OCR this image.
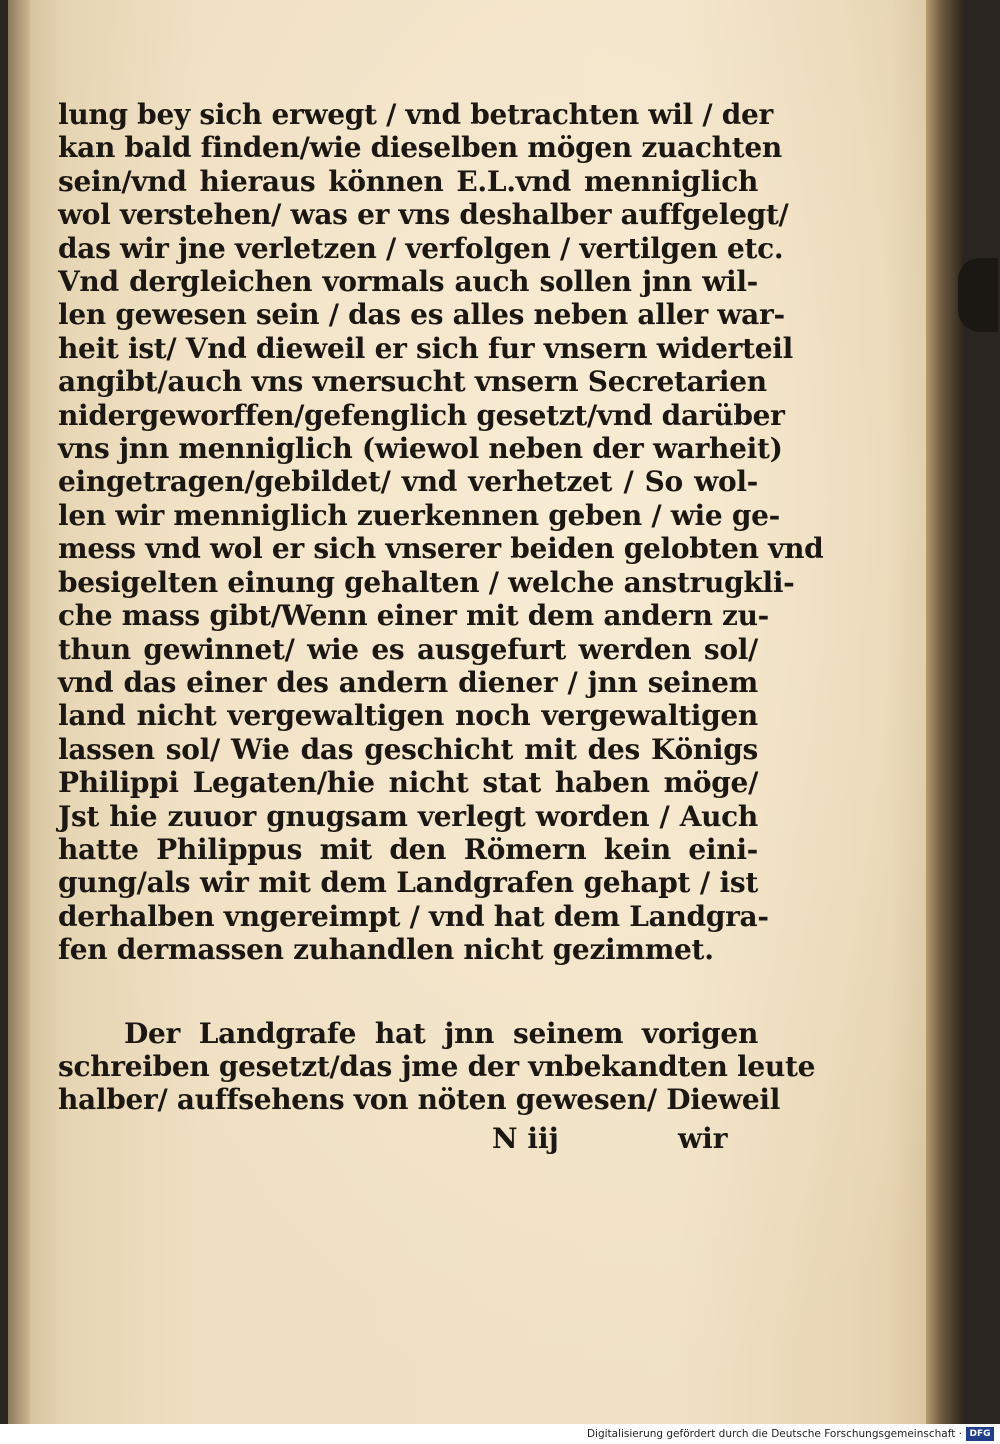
lung bey sich erwegt / vnd betrachten wil / der
kan bald finden/wie dieselben mögen zuachten
sein/vnd hieraus können E.L.vnd menniglich
wol verstehen/ was er vns deshalber auffgelegt/
das wir jne verletzen / verfolgen / vertilgen etc.
Vnd dergleichen vormals auch sollen jnn wil-
len gewesen sein / das es alles neben aller war-
heit ist/ Vnd dieweil er sich fur vnsern widerteil
angibt/auch vns vnersucht vnsern Secretarien
nidergeworffen/gefenglich gesetzt/vnd darüber
vns jnn menniglich (wiewol neben der warheit)
eingetragen/gebildet/ vnd verhetzet / So wol-
len wir menniglich zuerkennen geben / wie ge-
mess vnd wol er sich vnserer beiden gelobten vnd
besigelten einung gehalten / welche anstrugkli-
che mass gibt/Wenn einer mit dem andern zu-
thun gewinnet/ wie es ausgefurt werden sol/
vnd das einer des andern diener / jnn seinem
land nicht vergewaltigen noch vergewaltigen
lassen sol/ Wie das geschicht mit des Königs
Philippi Legaten/hie nicht stat haben möge/
Jst hie zuuor gnugsam verlegt worden / Auch
hatte Philippus mit den Römern kein eini-
gung/als wir mit dem Landgrafen gehapt / ist
derhalben vngereimpt / vnd hat dem Landgra-
fen dermassen zuhandlen nicht gezimmet.
Der Landgrafe hat jnn seinem vorigen
schreiben gesetzt/das jme der vnbekandten leute
halber/ auffsehens von nöten gewesen/ Dieweil
N iij	wir
Digitalisierung gefördert durch die Deutsche Forschungsgemeinschaft · DFG
